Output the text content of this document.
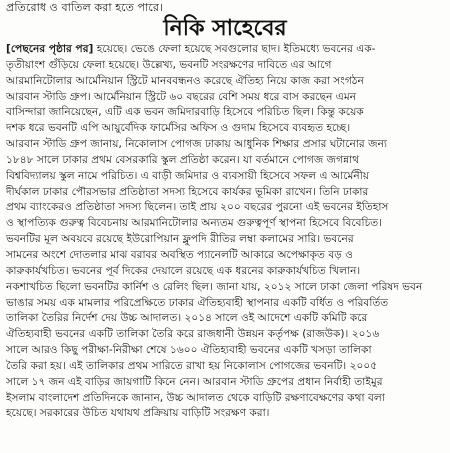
প্রতিরোধ ও বাতিল করা হতে পারে।
নিকি সাহেবের
[পেছনের পৃষ্ঠার পর] হয়েছে। ভেঙে ফেলা হয়েছে সবগুলোর ছাদ। ইতিমধ্যে ভবনের এক-
তৃতীয়াংশ গুঁড়িয়ে ফেলা হয়েছে। উল্লেখ্য, ভবনটি সংরক্ষণের দাবিতে এর আগে
আরমানিটোলার আর্মেনিয়ান স্ট্রিটে মানববন্ধনও করেছে ঐতিহ্য নিয়ে কাজ করা সংগঠন
আরবান স্টাডি গ্রুপ। আর্মেনিয়ান স্ট্রিটে ৬০ বছরের বেশি সময় ধরে বাস করছেন এমন
বাসিন্দারা জানিয়েছেন, এটি এক ভবন জমিদারবাড়ি হিসেবে পরিচিত ছিল। কিন্তু কয়েক
দশক ধরে ভবনটি এপি আয়ুর্বেদিক ফার্মেসির অফিস ও গুদাম হিসেবে ব্যবহৃত হচ্ছে।
আরবান স্টাডি গ্রুপ জানায়, নিকোলাস পোগজ ঢাকায় আধুনিক শিক্ষার প্রসার ঘটানোর জন্য
১৮৪৮ সালে ঢাকার প্রথম বেসরকারি স্কুল প্রতিষ্ঠা করেন। যা বর্তমানে পোগজ জগন্নাথ
বিশ্ববিদ্যালয় স্কুল নামে পরিচিত। এ বাড়ী জমিদার ও ব্যবসায়ী হিসেবে সফল এ আর্মেনীয়
দীর্ঘকাল ঢাকার পৌরসভার প্রতিষ্ঠাতা সদস্য হিসেবে কার্যকর ভূমিকা রাখেন। তিনি ঢাকার
প্রথম ব্যাংকেরও প্রতিষ্ঠাতা সদস্য ছিলেন। তাই প্রায় ২০০ বছরের পুরনো এই ভবনের ইতিহাস
ও স্থাপত্যিক গুরুত্ব বিবেচনায় আরমানিটোলার অন্যতম গুরুত্বপূর্ণ স্থাপনা হিসেবে বিবেচিত।
ভবনটির মূল অবয়বে রয়েছে ইউরোপিয়ান ফ্লুপদি রীতির লম্বা কলামের সারি। ভবনের
সামনের অংশে দোতলার মাঝ বরাবর অবস্থিত প্যানেলটি আকারে অপেক্ষাকৃত বড় ও
কারুকার্যখচিত। ভবনের পূর্ব দিকের দেয়ালে রয়েছে এক ধরনের কারুকার্যখচিত খিলান।
নকশাখচিত ছিলো ভবনটির কার্নিশ ও রেলিং ছিল। জানা যায়, ২০১২ সালে ঢাকা জেলা পরিষদ ভবন
ভাঙার সময় এক মামলার পরিপ্রেক্ষিতে ঢাকার ঐতিহ্যবাহী স্থাপনার একটি বর্ধিত ও পরিবর্তিত
তালিকা তৈরির নির্দেশ দেয় উচ্চ আদালত। ২০১৪ সালে ওই আদেশে একটি কমিটি করে
ঐতিহ্যবাহী ভবনের একটি তালিকা তৈরি করে রাজধানী উন্নয়ন কর্তৃপক্ষ (রাজউক)। ২০১৬
সালে আরও কিছু পরীক্ষা-নিরীক্ষা শেষে ১৬০০ ঐতিহ্যবাহী ভবনের একটি খসড়া তালিকা
তৈরি করা হয়। এই তালিকার প্রথম সারিতে রাখা হয় নিকোলাস পোগজের ভবনটি। ২০০৫
সালে ১৭ জন এই বাড়ির জায়গাটি কিনে নেন। আরবান স্টাডি গ্রুপের প্রধান নির্বাহী তাইমুর
ইসলাম বাংলাদেশ প্রতিদিনকে জানান, উচ্চ আদালত থেকে বাড়িটি রক্ষণাবেক্ষণের কথা বলা
হয়েছে। সরকারের উচিত যথাযথ প্রক্রিয়ায় বাড়িটি সংরক্ষণ করা।
